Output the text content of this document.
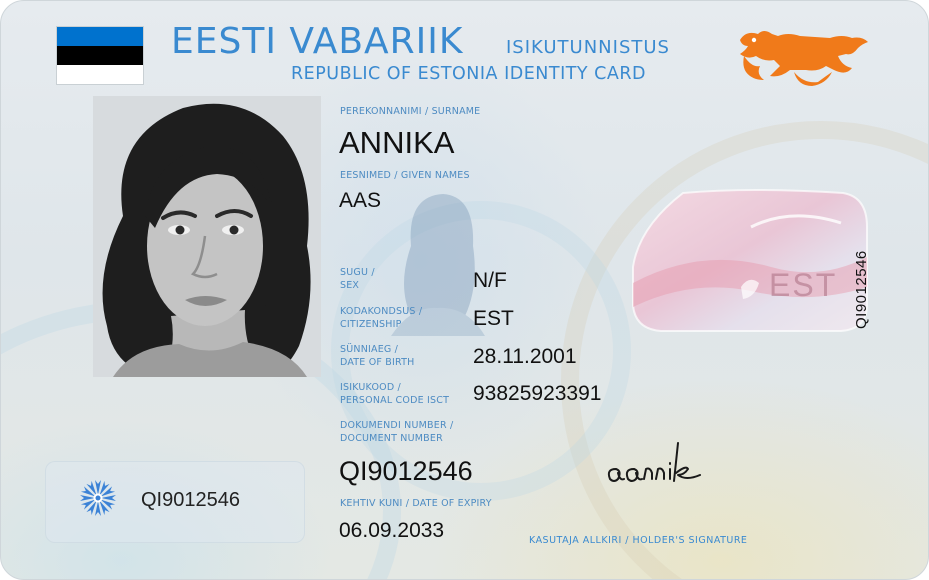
EESTI VABARIIK ISIKUTUNNISTUS
REPUBLIC OF ESTONIA IDENTITY CARD
PEREKONNANIMI / SURNAME
ANNIKA
EESNIMED / GIVEN NAMES
AAS
SUGU /
SEX	N/F
KODAKONDSUS /
CITIZENSHIP	EST
SÜNNIAEG /
DATE OF BIRTH	28.11.2001
ISIKUKOOD /
PERSONAL CODE ISCT 93825923391
DOKUMENDI NUMBER /
DOCUMENT NUMBER
QI9012546
KEHTIV KUNI / DATE OF EXPIRY
06.09.2033
EST QI9012546
QI9012546
KASUTAJA ALLKIRI / HOLDER'S SIGNATURE
